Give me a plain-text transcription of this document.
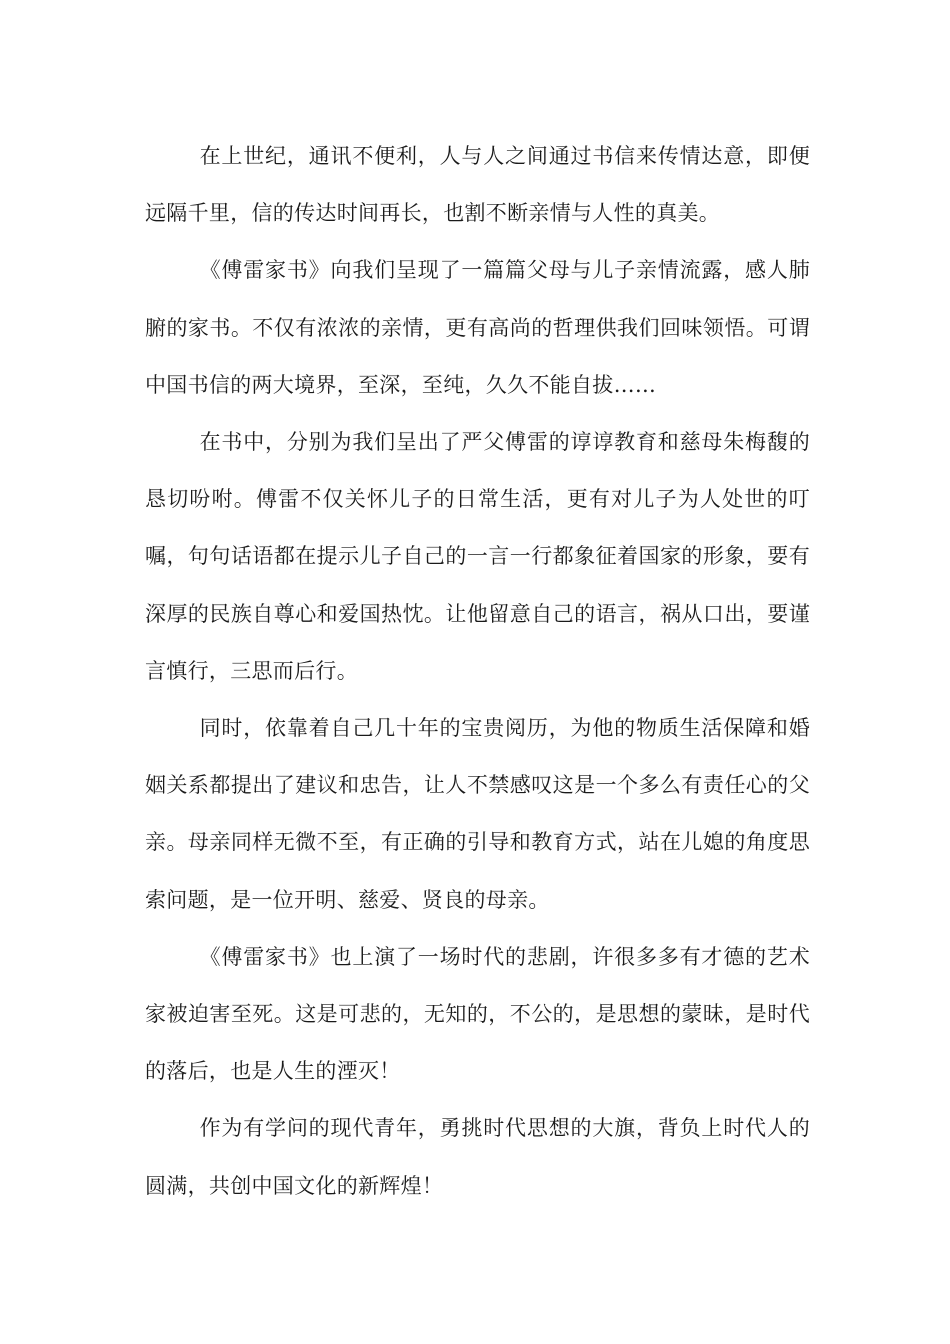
在上世纪，通讯不便利，人与人之间通过书信来传情达意，即便远隔千里，信的传达时间再长，也割不断亲情与人性的真美。

《傅雷家书》向我们呈现了一篇篇父母与儿子亲情流露，感人肺腑的家书。不仅有浓浓的亲情，更有高尚的哲理供我们回味领悟。可谓中国书信的两大境界，至深，至纯，久久不能自拔……

在书中，分别为我们呈出了严父傅雷的谆谆教育和慈母朱梅馥的恳切吩咐。傅雷不仅关怀儿子的日常生活，更有对儿子为人处世的叮嘱，句句话语都在提示儿子自己的一言一行都象征着国家的形象，要有深厚的民族自尊心和爱国热忱。让他留意自己的语言，祸从口出，要谨言慎行，三思而后行。

同时，依靠着自己几十年的宝贵阅历，为他的物质生活保障和婚姻关系都提出了建议和忠告，让人不禁感叹这是一个多么有责任心的父亲。母亲同样无微不至，有正确的引导和教育方式，站在儿媳的角度思索问题，是一位开明、慈爱、贤良的母亲。

《傅雷家书》也上演了一场时代的悲剧，许很多多有才德的艺术家被迫害至死。这是可悲的，无知的，不公的，是思想的蒙昧，是时代的落后，也是人生的湮灭！

作为有学问的现代青年，勇挑时代思想的大旗，背负上时代人的圆满，共创中国文化的新辉煌！
